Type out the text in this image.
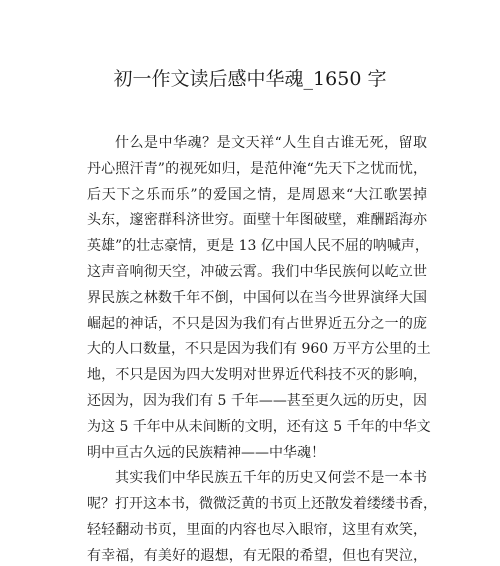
初一作文读后感中华魂_1650 字

什么是中华魂？是文天祥“人生自古谁无死，留取
丹心照汗青”的视死如归，是范仲淹“先天下之忧而忧，
后天下之乐而乐”的爱国之情，是周恩来“大江歌罢掉
头东，邃密群科济世穷。面壁十年图破壁，难酬蹈海亦
英雄”的壮志豪情，更是 13 亿中国人民不屈的呐喊声，
这声音响彻天空，冲破云霄。我们中华民族何以屹立世
界民族之林数千年不倒，中国何以在当今世界演绎大国
崛起的神话，不只是因为我们有占世界近五分之一的庞
大的人口数量，不只是因为我们有 960 万平方公里的土
地，不只是因为四大发明对世界近代科技不灭的影响，
还因为，因为我们有 5 千年——甚至更久远的历史，因
为这 5 千年中从未间断的文明，还有这 5 千年的中华文
明中亘古久远的民族精神——中华魂！

其实我们中华民族五千年的历史又何尝不是一本书
呢？打开这本书，微微泛黄的书页上还散发着缕缕书香，
轻轻翻动书页，里面的内容也尽入眼帘，这里有欢笑，
有幸福，有美好的遐想，有无限的希望，但也有哭泣，
